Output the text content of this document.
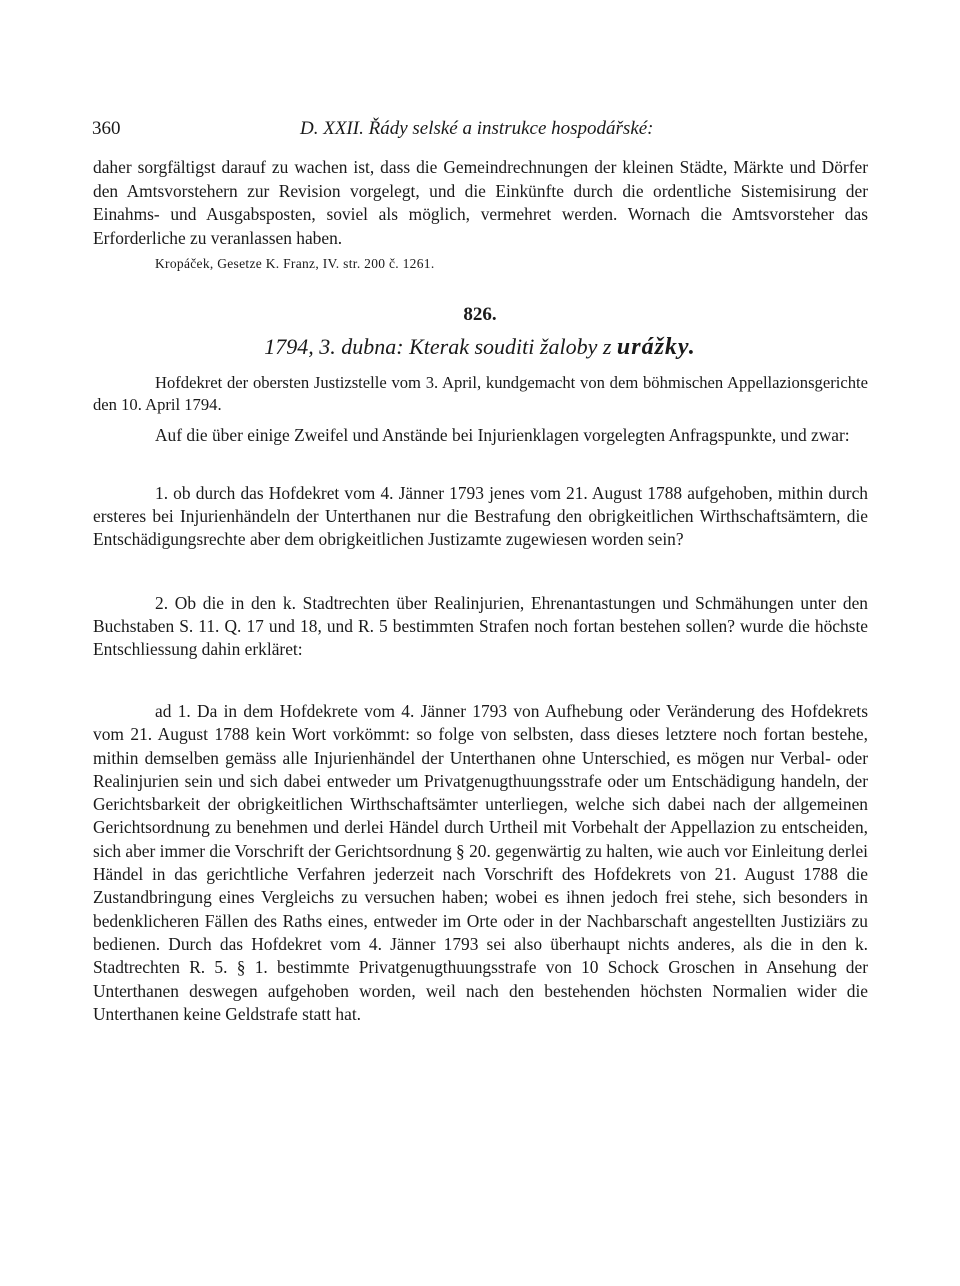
360	D. XXII. Řády selské a instrukce hospodářské:
daher sorgfältigst darauf zu wachen ist, dass die Gemeindrechnungen der kleinen Städte, Märkte und Dörfer den Amtsvorstehern zur Revision vorgelegt, und die Einkünfte durch die ordentliche Sistemisirung der Einahms- und Ausgabsposten, soviel als möglich, vermehret werden. Wornach die Amtsvorsteher das Erforderliche zu veranlassen haben.
Kropáček, Gesetze K. Franz, IV. str. 200 č. 1261.
826.
1794, 3. dubna: Kterak souditi žaloby z urážky.
Hofdekret der obersten Justizstelle vom 3. April, kundgemacht von dem böhmischen Appellazionsgerichte den 10. April 1794.
Auf die über einige Zweifel und Anstände bei Injurienklagen vorgelegten Anfragspunkte, und zwar:
1. ob durch das Hofdekret vom 4. Jänner 1793 jenes vom 21. August 1788 aufgehoben, mithin durch ersteres bei Injurienhändeln der Unterthanen nur die Bestrafung den obrigkeitlichen Wirthschaftsämtern, die Entschädigungsrechte aber dem obrigkeitlichen Justizamte zugewiesen worden sein?
2. Ob die in den k. Stadtrechten über Realinjurien, Ehrenantastungen und Schmähungen unter den Buchstaben S. 11. Q. 17 und 18, und R. 5 bestimmten Strafen noch fortan bestehen sollen? wurde die höchste Entschliessung dahin erkläret:
ad 1. Da in dem Hofdekrete vom 4. Jänner 1793 von Aufhebung oder Veränderung des Hofdekrets vom 21. August 1788 kein Wort vorkömmt: so folge von selbsten, dass dieses letztere noch fortan bestehe, mithin demselben gemäss alle Injurienhändel der Unterthanen ohne Unterschied, es mögen nur Verbal- oder Realinjurien sein und sich dabei entweder um Privatgenugthuungsstrafe oder um Entschädigung handeln, der Gerichtsbarkeit der obrigkeitlichen Wirthschaftsämter unterliegen, welche sich dabei nach der allgemeinen Gerichtsordnung zu benehmen und derlei Händel durch Urtheil mit Vorbehalt der Appellazion zu entscheiden, sich aber immer die Vorschrift der Gerichtsordnung § 20. gegenwärtig zu halten, wie auch vor Einleitung derlei Händel in das gerichtliche Verfahren jederzeit nach Vorschrift des Hofdekrets von 21. August 1788 die Zustandbringung eines Vergleichs zu versuchen haben; wobei es ihnen jedoch frei stehe, sich besonders in bedenklicheren Fällen des Raths eines, entweder im Orte oder in der Nachbarschaft angestellten Justiziärs zu bedienen. Durch das Hofdekret vom 4. Jänner 1793 sei also überhaupt nichts anderes, als die in den k. Stadtrechten R. 5. § 1. bestimmte Privatgenugthuungsstrafe von 10 Schock Groschen in Ansehung der Unterthanen deswegen aufgehoben worden, weil nach den bestehenden höchsten Normalien wider die Unterthanen keine Geldstrafe statt hat.
